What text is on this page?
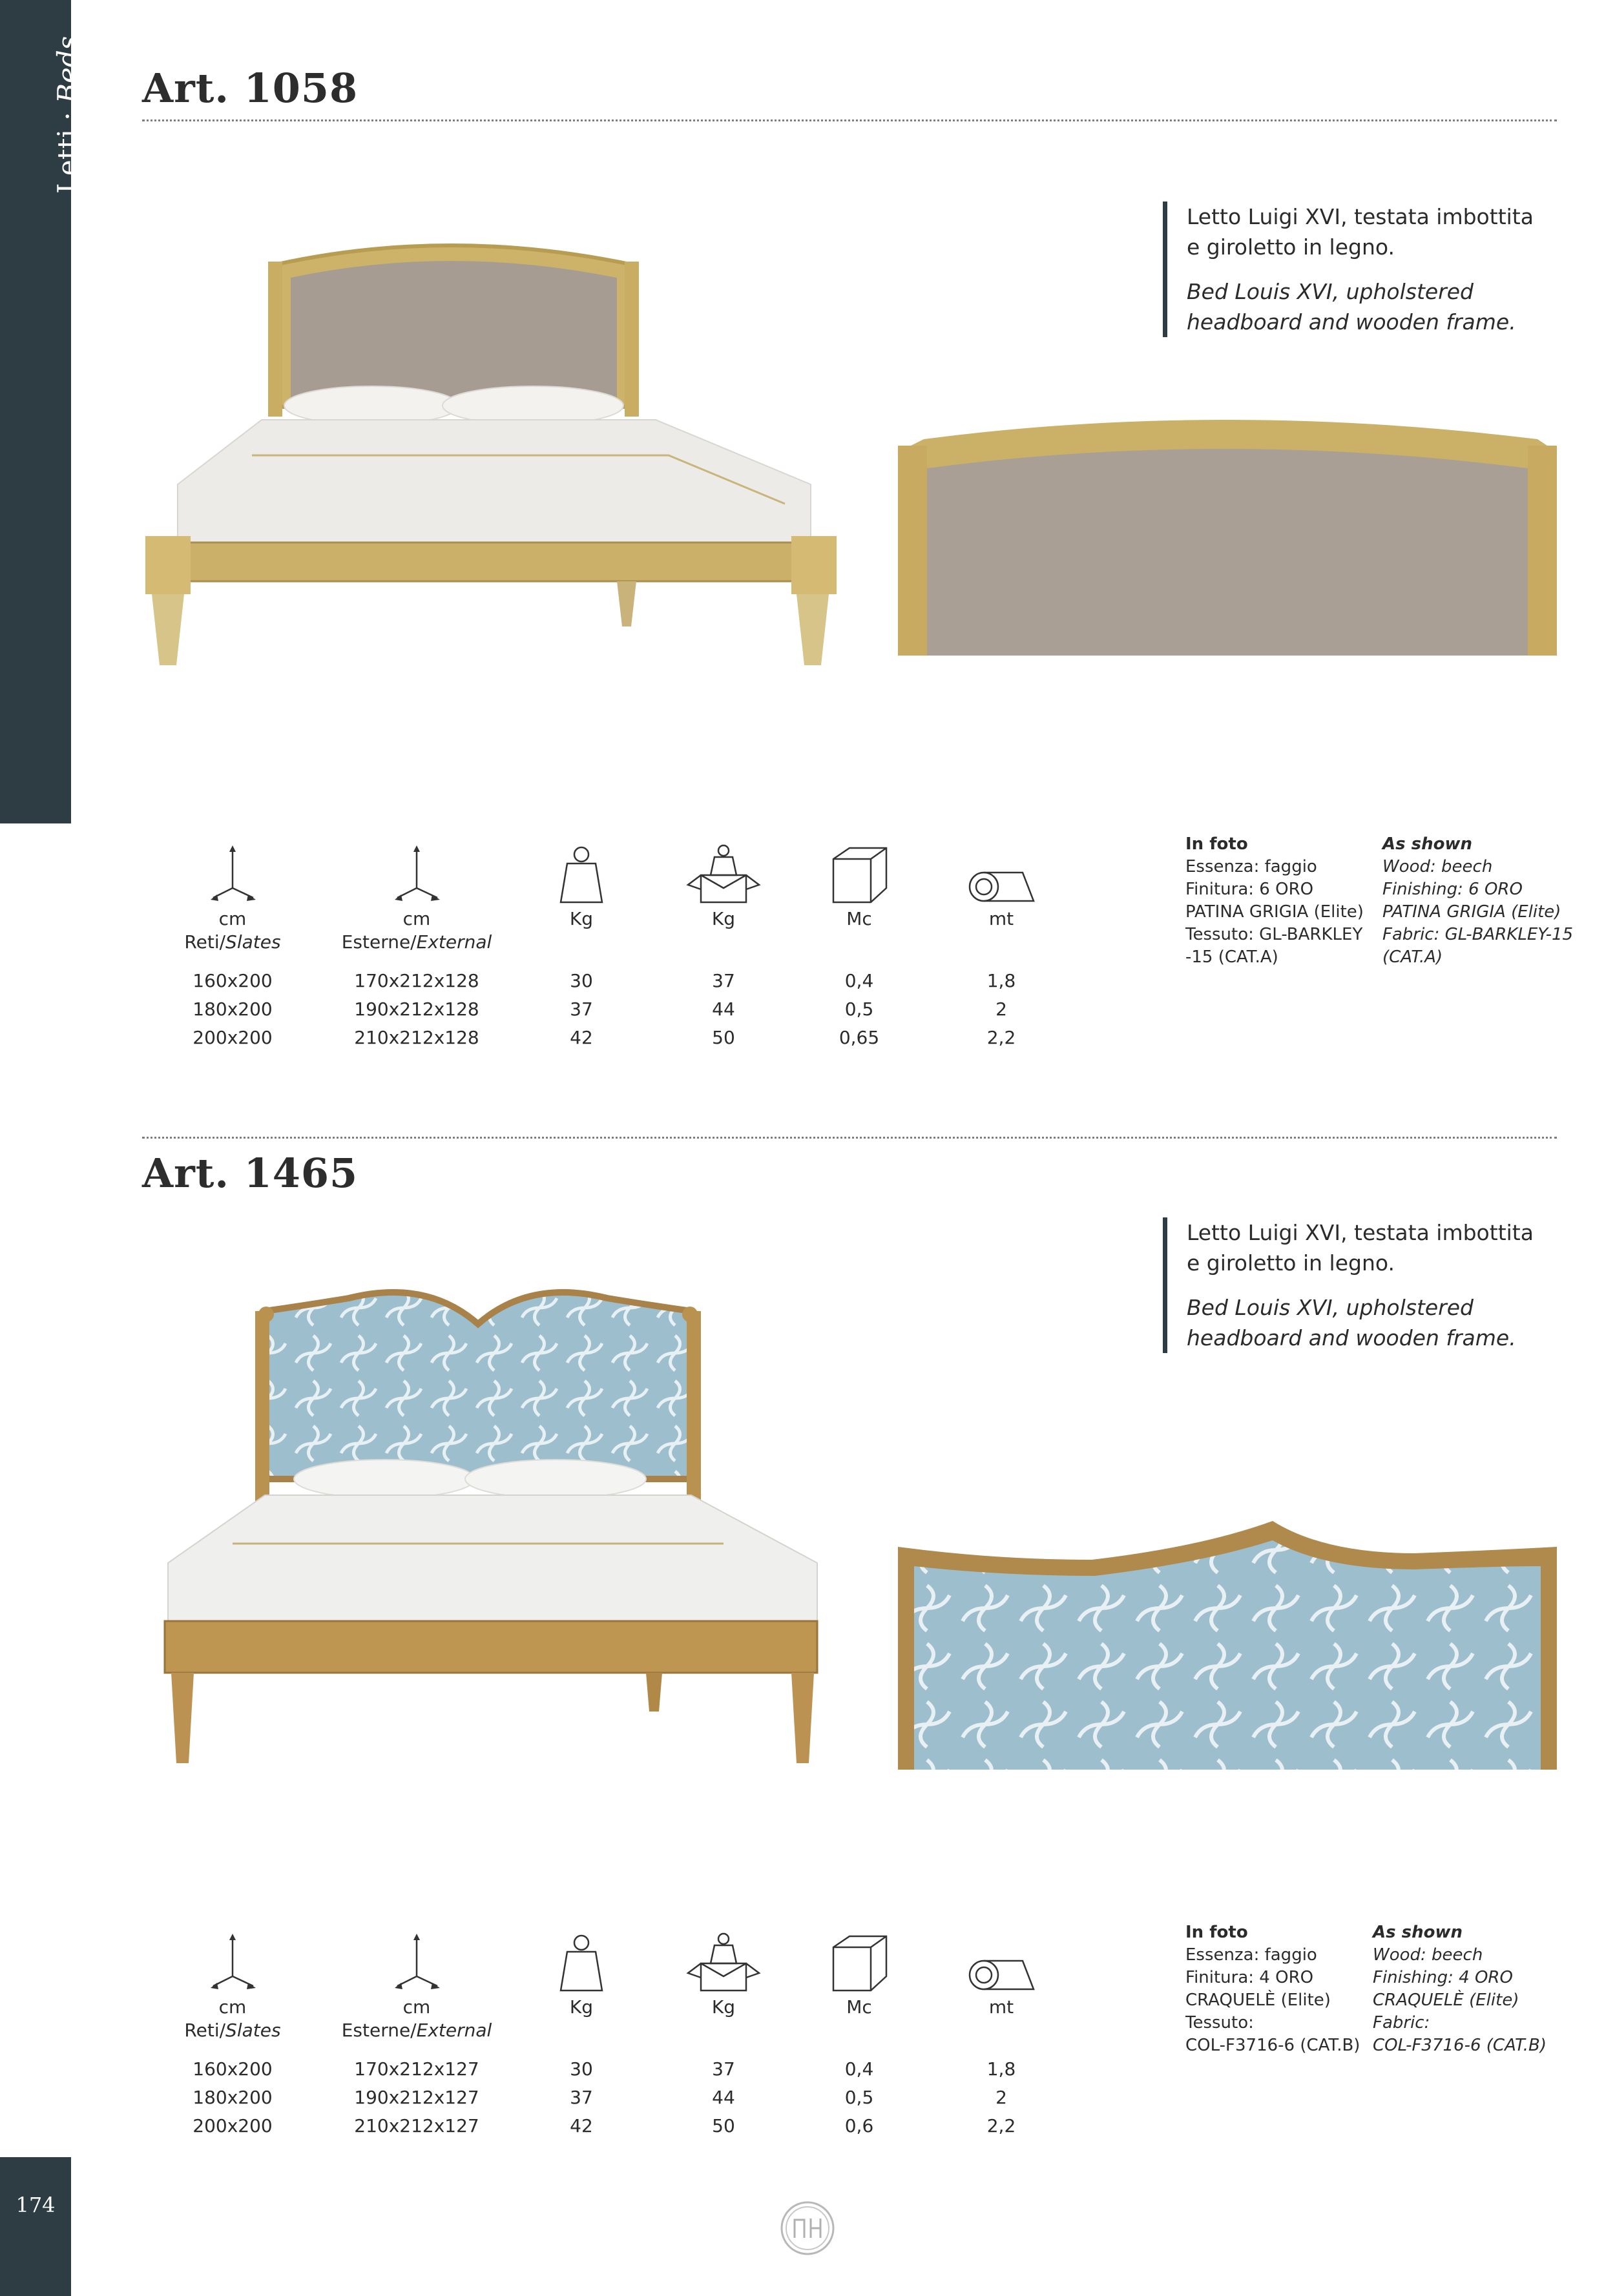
Letti · Beds
174
Art. 1058

Letto Luigi XVI, testata imbottita

e giroletto in legno.

Bed Louis XVI, upholstered

headboard and wooden frame.

cm
Reti/Slates
160x200
180x200
200x200
cm
Esterne/External
170x212x128
190x212x128
210x212x128
Kg
30
37
42
Kg
37
44
50
Mc
0,4
0,5
0,65
mt
1,8
2
2,2
In foto
Essenza: faggio
Finitura: 6 ORO
PATINA GRIGIA (Elite)
Tessuto: GL-BARKLEY
-15 (CAT.A)
As shown
Wood: beech
Finishing: 6 ORO
PATINA GRIGIA (Elite)
Fabric: GL-BARKLEY-15
(CAT.A)
Art. 1465

Letto Luigi XVI, testata imbottita

e giroletto in legno.

Bed Louis XVI, upholstered

headboard and wooden frame.

cm
Reti/Slates
160x200
180x200
200x200
cm
Esterne/External
170x212x127
190x212x127
210x212x127
Kg
30
37
42
Kg
37
44
50
Mc
0,4
0,5
0,6
mt
1,8
2
2,2
In foto
Essenza: faggio
Finitura: 4 ORO
CRAQUELÈ (Elite)
Tessuto:
COL-F3716-6 (CAT.B)
As shown
Wood: beech
Finishing: 4 ORO
CRAQUELÈ (Elite)
Fabric:
COL-F3716-6 (CAT.B)
